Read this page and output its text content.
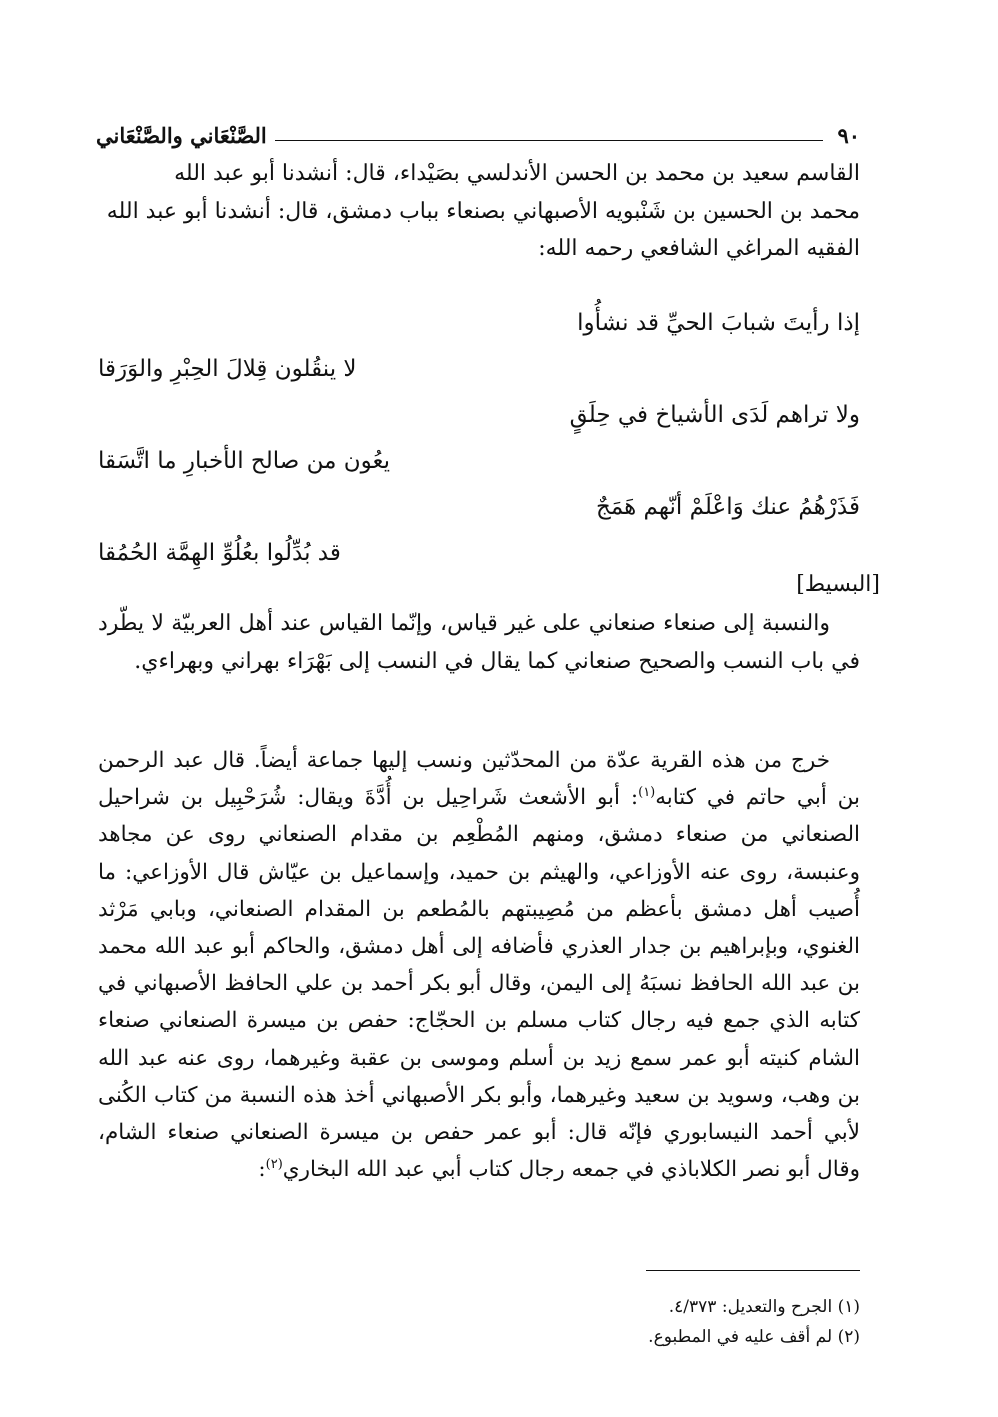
٩٠
الصَّنْعَاني والصَّنْعَاني

القاسم سعيد بن محمد بن الحسن الأندلسي بصَيْداء، قال: أنشدنا أبو عبد الله

محمد بن الحسين بن شَنْبويه الأصبهاني بصنعاء بباب دمشق، قال: أنشدنا أبو عبد الله

الفقيه المراغي الشافعي رحمه الله:

إذا رأيتَ شبابَ الحيِّ قد نشأُوا
لا ينقُلون قِلالَ الحِبْرِ والوَرَقا
ولا تراهم لَدَى الأشياخ في حِلَقٍ
يعُون من صالح الأخبارِ ما اتَّسَقا
فَذَرْهُمُ عنك وَاعْلَمْ أنّهم هَمَجٌ
قد بُدِّلُوا بعُلُوِّ الهِمَّة الحُمُقا
[البسيط]

والنسبة إلى صنعاء صنعاني على غير قياس، وإنّما القياس عند أهل العربيّة لا يطّرد في باب النسب والصحيح صنعاني كما يقال في النسب إلى بَهْرَاء بهراني وبهراءي.

خرج من هذه القرية عدّة من المحدّثين ونسب إليها جماعة أيضاً. قال عبد الرحمن بن أبي حاتم في كتابه$^{(١)}$: أبو الأشعث شَراحِيل بن أُدَّةَ ويقال: شُرَحْبِيل بن شراحيل الصنعاني من صنعاء دمشق، ومنهم المُطْعِم بن مقدام الصنعاني روى عن مجاهد وعنبسة، روى عنه الأوزاعي، والهيثم بن حميد، وإسماعيل بن عيّاش قال الأوزاعي: ما أُصيب أهل دمشق بأعظم من مُصِيبتهم بالمُطعم بن المقدام الصنعاني، وبابي مَرْثد الغنوي، وبإبراهيم بن جدار العذري فأضافه إلى أهل دمشق، والحاكم أبو عبد الله محمد بن عبد الله الحافظ نسبَهُ إلى اليمن، وقال أبو بكر أحمد بن علي الحافظ الأصبهاني في كتابه الذي جمع فيه رجال كتاب مسلم بن الحجّاج: حفص بن ميسرة الصنعاني صنعاء الشام كنيته أبو عمر سمع زيد بن أسلم وموسى بن عقبة وغيرهما، روى عنه عبد الله بن وهب، وسويد بن سعيد وغيرهما، وأبو بكر الأصبهاني أخذ هذه النسبة من كتاب الكُنى لأبي أحمد النيسابوري فإنّه قال: أبو عمر حفص بن ميسرة الصنعاني صنعاء الشام، وقال أبو نصر الكلاباذي في جمعه رجال كتاب أبي عبد الله البخاري$^{(٢)}$:

(١) الجرح والتعديل: ٤/٣٧٣.
(٢) لم أقف عليه في المطبوع.
